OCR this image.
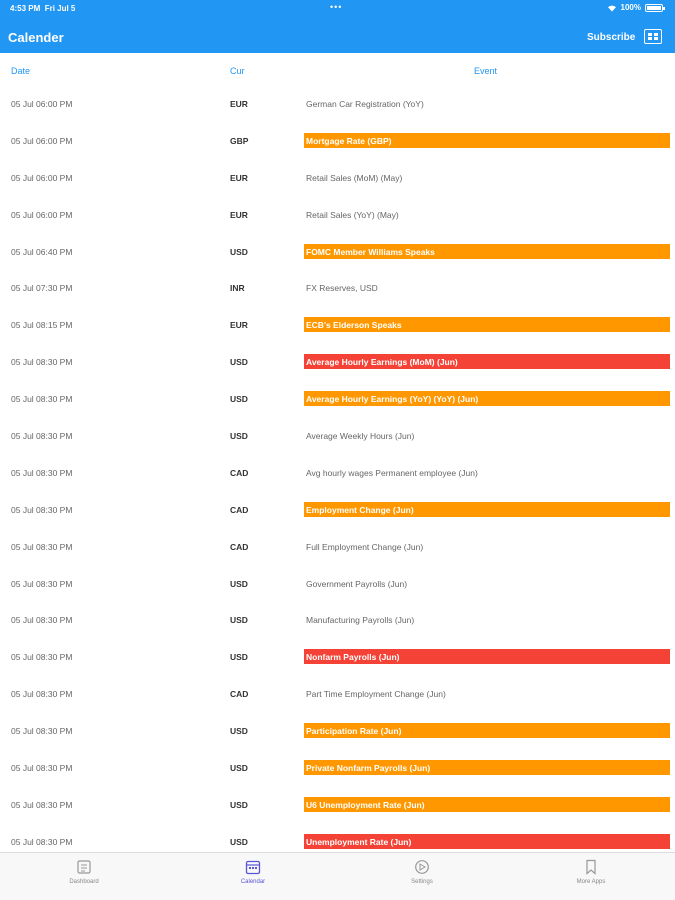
4:53 PM Fri Jul 5	•••	100%
Calender	Subscribe
Date	Cur	Event
05 Jul 06:00 PM	EUR	German Car Registration (YoY)
05 Jul 06:00 PM	GBP	Mortgage Rate (GBP)
05 Jul 06:00 PM	EUR	Retail Sales (MoM) (May)
05 Jul 06:00 PM	EUR	Retail Sales (YoY) (May)
05 Jul 06:40 PM	USD	FOMC Member Williams Speaks
05 Jul 07:30 PM	INR	FX Reserves, USD
05 Jul 08:15 PM	EUR	ECB's Elderson Speaks
05 Jul 08:30 PM	USD	Average Hourly Earnings (MoM) (Jun)
05 Jul 08:30 PM	USD	Average Hourly Earnings (YoY) (YoY) (Jun)
05 Jul 08:30 PM	USD	Average Weekly Hours (Jun)
05 Jul 08:30 PM	CAD	Avg hourly wages Permanent employee (Jun)
05 Jul 08:30 PM	CAD	Employment Change (Jun)
05 Jul 08:30 PM	CAD	Full Employment Change (Jun)
05 Jul 08:30 PM	USD	Government Payrolls (Jun)
05 Jul 08:30 PM	USD	Manufacturing Payrolls (Jun)
05 Jul 08:30 PM	USD	Nonfarm Payrolls (Jun)
05 Jul 08:30 PM	CAD	Part Time Employment Change (Jun)
05 Jul 08:30 PM	USD	Participation Rate (Jun)
05 Jul 08:30 PM	USD	Private Nonfarm Payrolls (Jun)
05 Jul 08:30 PM	USD	U6 Unemployment Rate (Jun)
05 Jul 08:30 PM	USD	Unemployment Rate (Jun)
Dashboard	Calendar	Settings	More Apps
